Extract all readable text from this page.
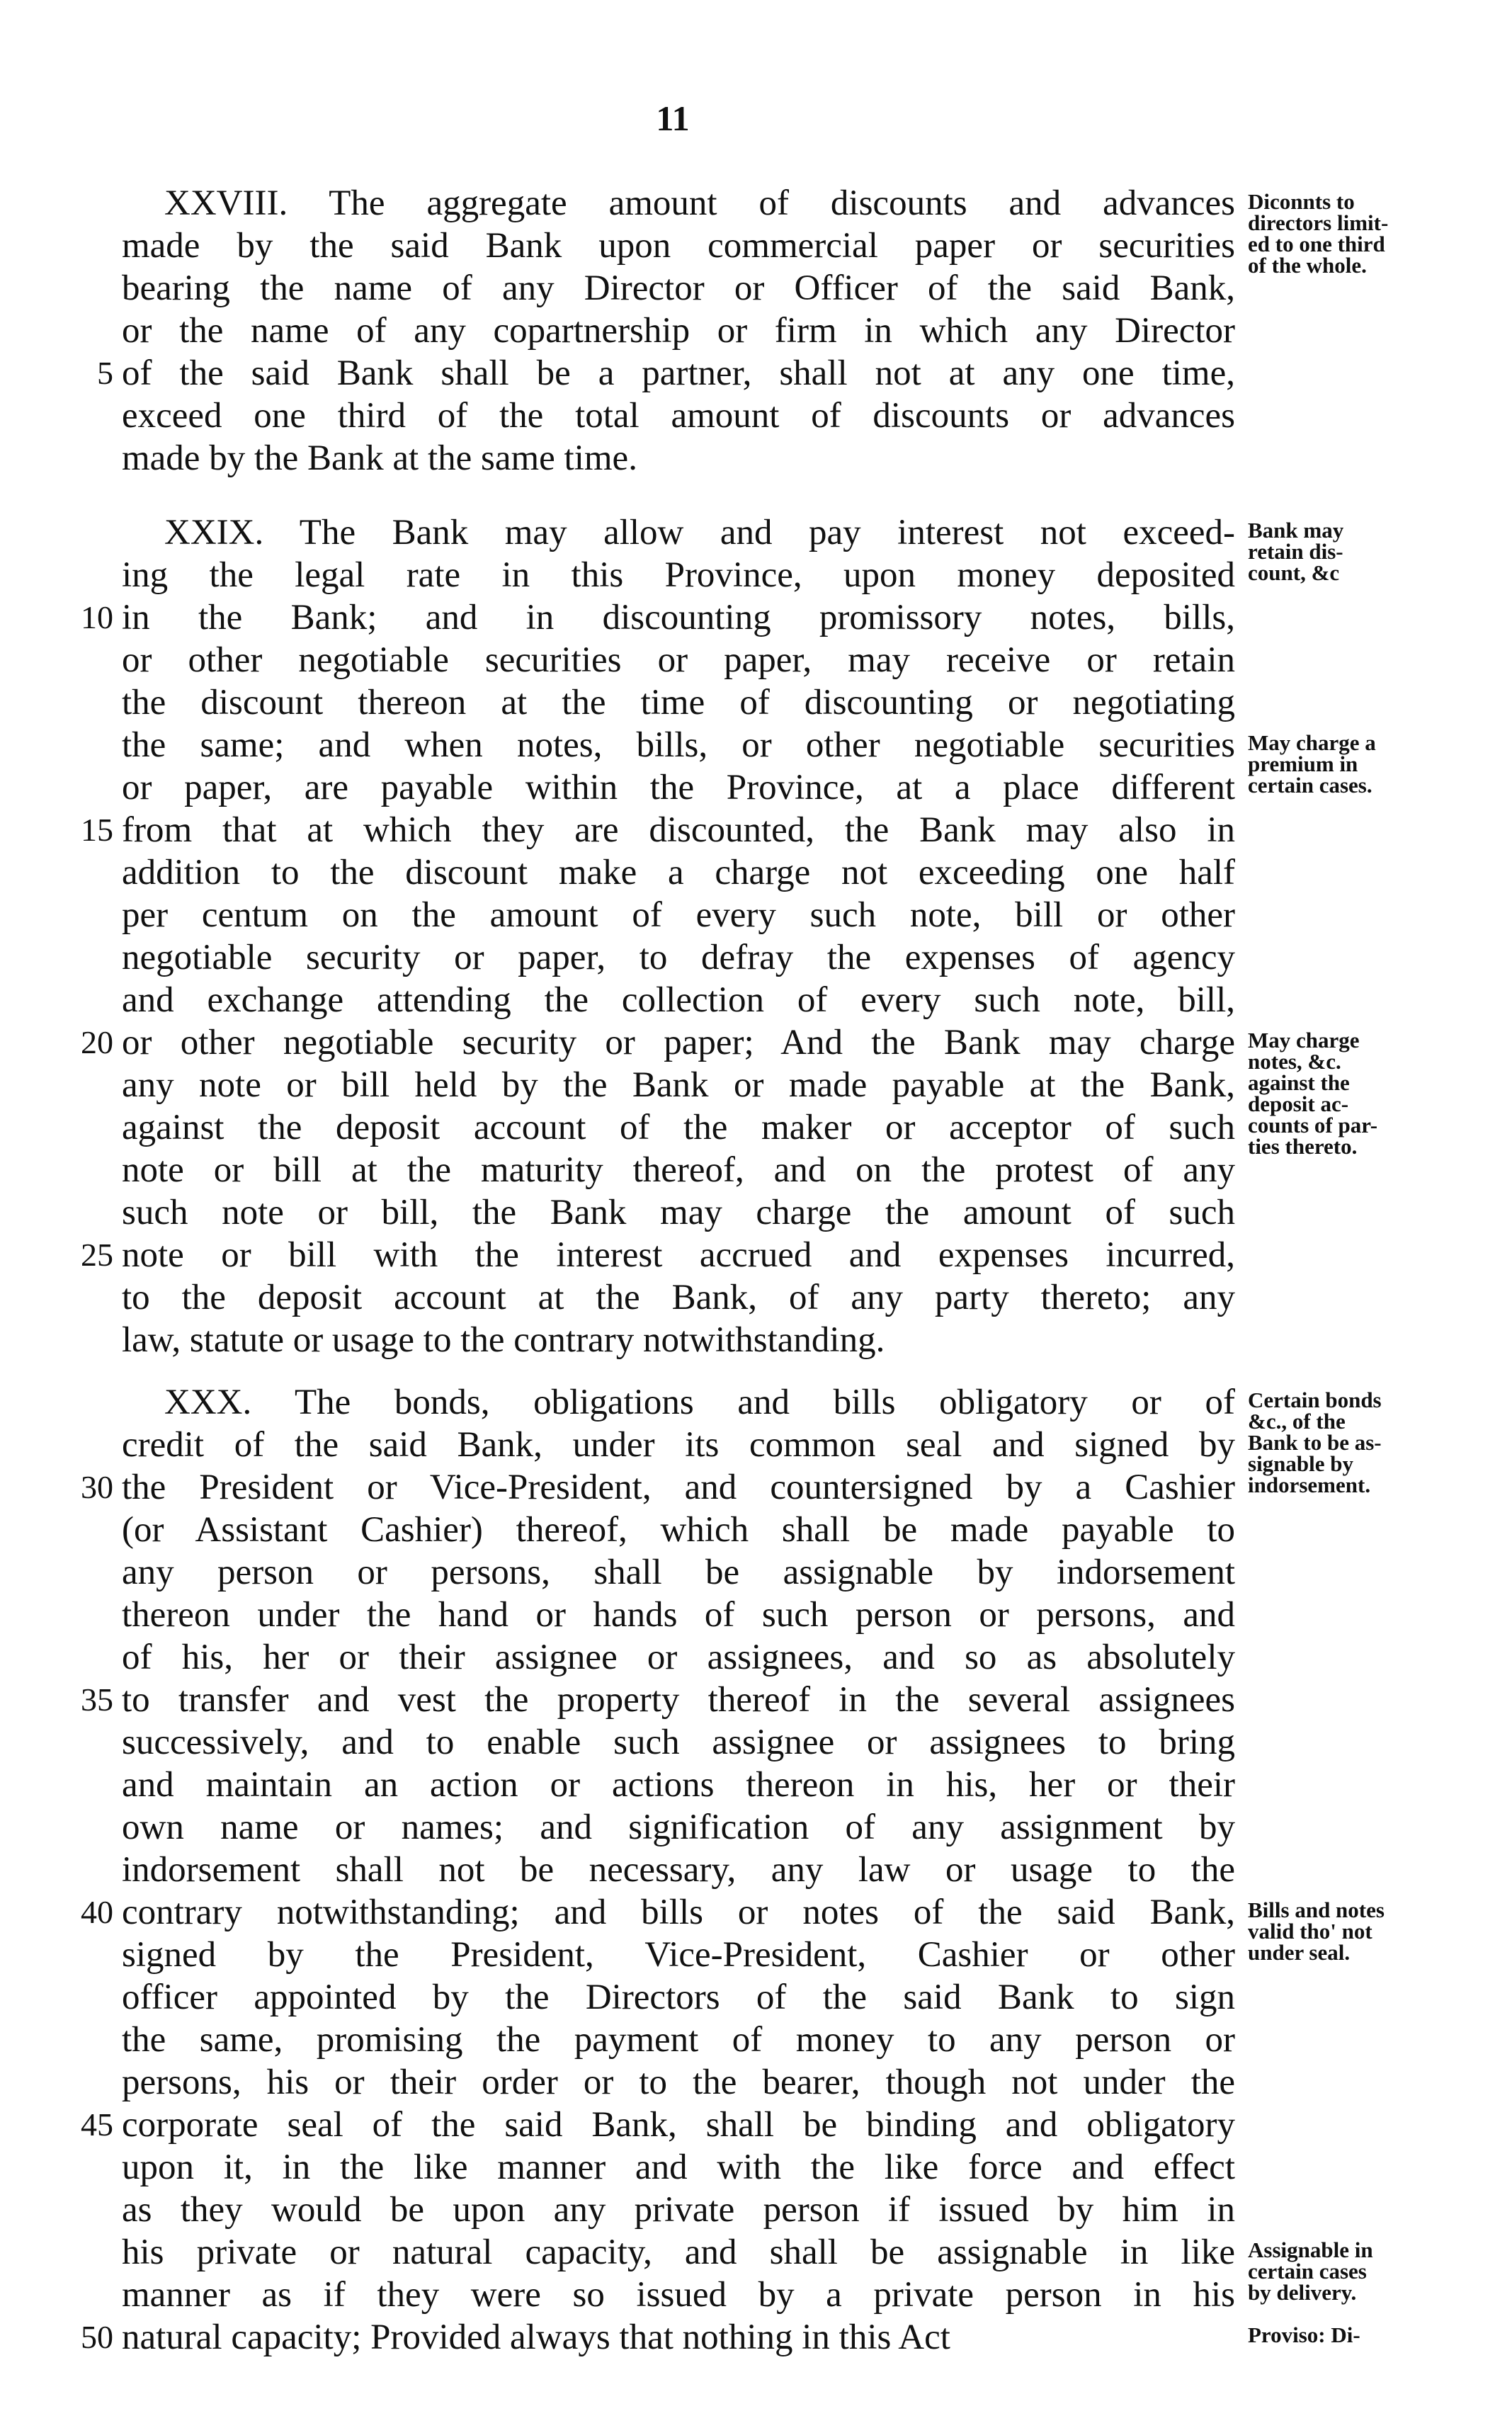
11
XXVIII. The aggregate amount of discounts and advances
made by the said Bank upon commercial paper or securities
bearing the name of any Director or Officer of the said Bank,
or the name of any copartnership or firm in which any Director
of the said Bank shall be a partner, shall not at any one time,
exceed one third of the total amount of discounts or advances
made by the Bank at the same time.
XXIX. The Bank may allow and pay interest not exceed-
ing the legal rate in this Province, upon money deposited
in the Bank; and in discounting promissory notes, bills,
or other negotiable securities or paper, may receive or retain
the discount thereon at the time of discounting or negotiating
the same; and when notes, bills, or other negotiable securities
or paper, are payable within the Province, at a place different
from that at which they are discounted, the Bank may also in
addition to the discount make a charge not exceeding one half
per centum on the amount of every such note, bill or other
negotiable security or paper, to defray the expenses of agency
and exchange attending the collection of every such note, bill,
or other negotiable security or paper; And the Bank may charge
any note or bill held by the Bank or made payable at the Bank,
against the deposit account of the maker or acceptor of such
note or bill at the maturity thereof, and on the protest of any
such note or bill, the Bank may charge the amount of such
note or bill with the interest accrued and expenses incurred,
to the deposit account at the Bank, of any party thereto; any
law, statute or usage to the contrary notwithstanding.
XXX. The bonds, obligations and bills obligatory or of
credit of the said Bank, under its common seal and signed by
the President or Vice-President, and countersigned by a Cashier
(or Assistant Cashier) thereof, which shall be made payable to
any person or persons, shall be assignable by indorsement
thereon under the hand or hands of such person or persons, and
of his, her or their assignee or assignees, and so as absolutely
to transfer and vest the property thereof in the several assignees
successively, and to enable such assignee or assignees to bring
and maintain an action or actions thereon in his, her or their
own name or names; and signification of any assignment by
indorsement shall not be necessary, any law or usage to the
contrary notwithstanding; and bills or notes of the said Bank,
signed by the President, Vice-President, Cashier or other
officer appointed by the Directors of the said Bank to sign
the same, promising the payment of money to any person or
persons, his or their order or to the bearer, though not under the
corporate seal of the said Bank, shall be binding and obligatory
upon it, in the like manner and with the like force and effect
as they would be upon any private person if issued by him in
his private or natural capacity, and shall be assignable in like
manner as if they were so issued by a private person in his
natural capacity; Provided always that nothing in this Act
5
10
15
20
25
30
35
40
45
50
Diconnts to
directors limit-
ed to one third
of the whole.
Bank may
retain dis-
count, &c
May charge a
premium in
certain cases.
May charge
notes, &c.
against the
deposit ac-
counts of par-
ties thereto.
Certain bonds
&c., of the
Bank to be as-
signable by
indorsement.
Bills and notes
valid tho' not
under seal.
Assignable in
certain cases
by delivery.
Proviso: Di-
